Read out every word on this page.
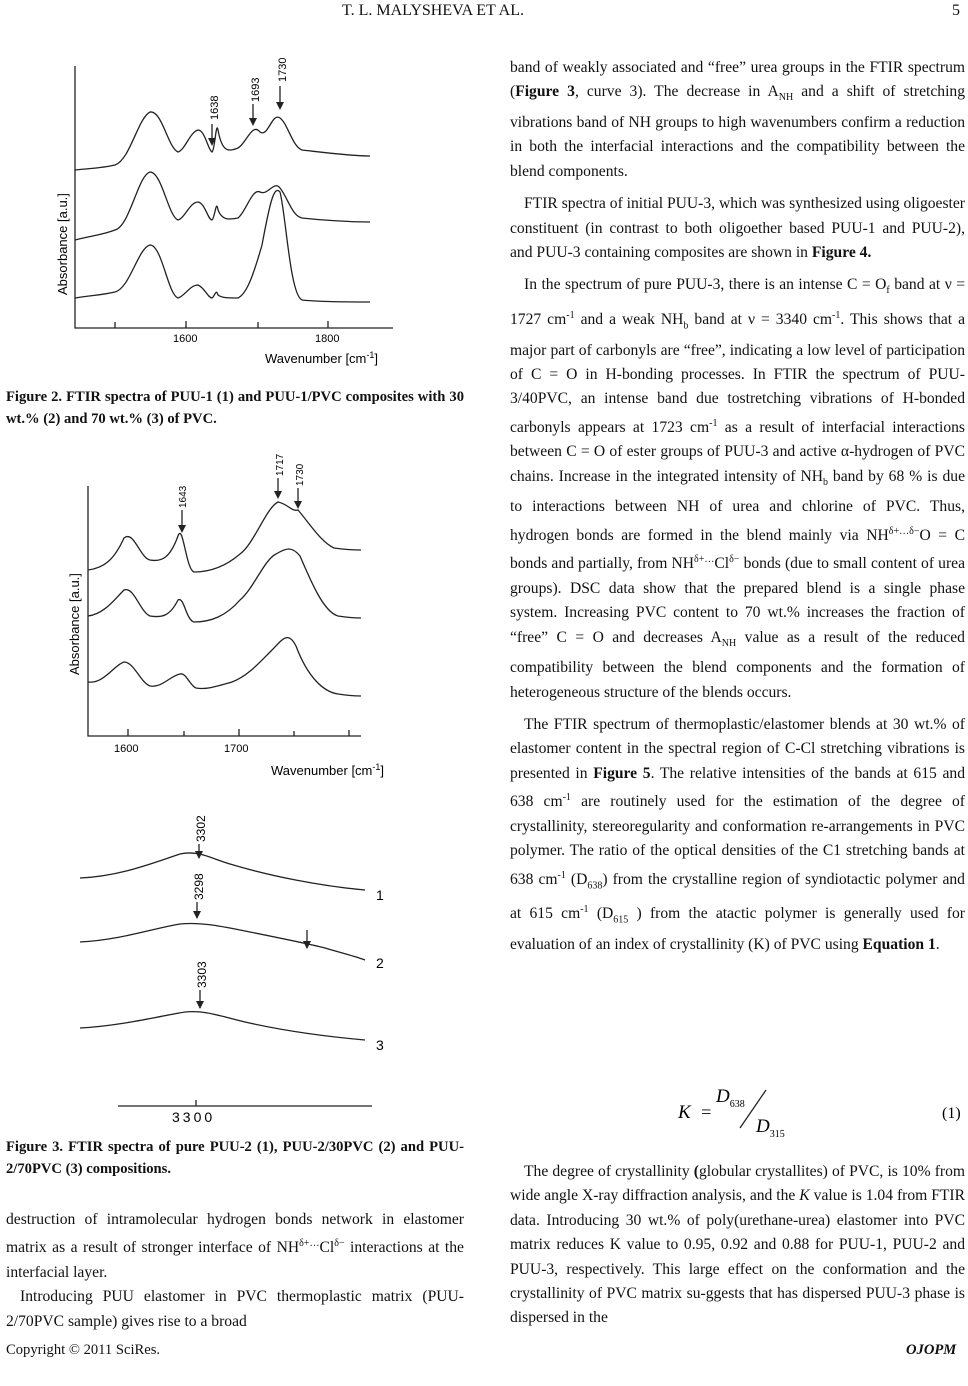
T. L. MALYSHEVA ET AL.	5
1638
1693
1730
Absorbance [a.u.]
1600	1800
Wavenumber $[cm^{-1}]$
Figure 2. FTIR spectra of PUU-1 (1) and PUU-1/PVC composites with 30 wt.% (2) and 70 wt.% (3) of PVC.
1643
1717 1730
Absorbance [a.u.]
1600	1700
Wavenumber $[cm^{-1}]$
3302
3298
3303
1
2
3
3300
Figure 3. FTIR spectra of pure PUU-2 (1), PUU-2/30PVC (2) and PUU-2/70PVC (3) compositions.

destruction of intramolecular hydrogen bonds network in elastomer matrix as a result of stronger interface of $NH^{\delta+\dots}Cl^{\delta-}$ interactions at the interfacial layer.

Introducing PUU elastomer in PVC thermoplastic matrix (PUU-2/70PVC sample) gives rise to a broad

band of weakly associated and “free” urea groups in the FTIR spectrum (Figure 3, curve 3). The decrease in $A_{NH}$ and a shift of stretching vibrations band of NH groups to high wavenumbers confirm a reduction in both the interfacial interactions and the compatibility between the blend components.

FTIR spectra of initial PUU-3, which was synthesized using oligoester constituent (in contrast to both oligoether based PUU-1 and PUU-2), and PUU-3 containing composites are shown in Figure 4.

In the spectrum of pure PUU-3, there is an intense $C = O_f$ band at ν = 1727 $cm^{-1}$ and a weak $NH_b$ band at ν = 3340 $cm^{-1}$. This shows that a major part of carbonyls are “free”, indicating a low level of participation of C = O in H-bonding processes. In FTIR the spectrum of PUU-3/40PVC, an intense band due tostretching vibrations of H-bonded carbonyls appears at 1723 $cm^{-1}$ as a result of interfacial interactions between C = O of ester groups of PUU-3 and active α-hydrogen of PVC chains. Increase in the integrated intensity of $NH_b$ band by 68 % is due to interactions between NH of urea and chlorine of PVC. Thus, hydrogen bonds are formed in the blend mainly via $NH^{\delta+\dots\delta-}O = C$ bonds and partially, from $NH^{\delta+\dots}Cl^{\delta-}$ bonds (due to small content of urea groups). DSC data show that the prepared blend is a single phase system. Increasing PVC content to 70 wt.% increases the fraction of “free” C = O and decreases $A_{NH}$ value as a result of the reduced compatibility between the blend components and the formation of heterogeneous structure of the blends occurs.

The FTIR spectrum of thermoplastic/elastomer blends at 30 wt.% of elastomer content in the spectral region of C-Cl stretching vibrations is presented in Figure 5. The relative intensities of the bands at 615 and 638 $cm^{-1}$ are routinely used for the estimation of the degree of crystallinity, stereoregularity and conformation re-arrangements in PVC polymer. The ratio of the optical densities of the C1 stretching bands at 638 $cm^{-1}$ $(D_{638})$ from the crystalline region of syndiotactic polymer and at 615 $cm^{-1}$ ($D_{615}$ ) from the atactic polymer is generally used for evaluation of an index of crystallinity (K) of PVC using Equation 1.

K =
$D_{638}$
$D_{315}$
(1)

The degree of crystallinity (globular crystallites) of PVC, is 10% from wide angle X-ray diffraction analysis, and the K value is 1.04 from FTIR data. Introducing 30 wt.% of poly(urethane-urea) elastomer into PVC matrix reduces K value to 0.95, 0.92 and 0.88 for PUU-1, PUU-2 and PUU-3, respectively. This large effect on the conformation and the crystallinity of PVC matrix su-ggests that has dispersed PUU-3 phase is dispersed in the

Copyright © 2011 SciRes.	OJOPM
